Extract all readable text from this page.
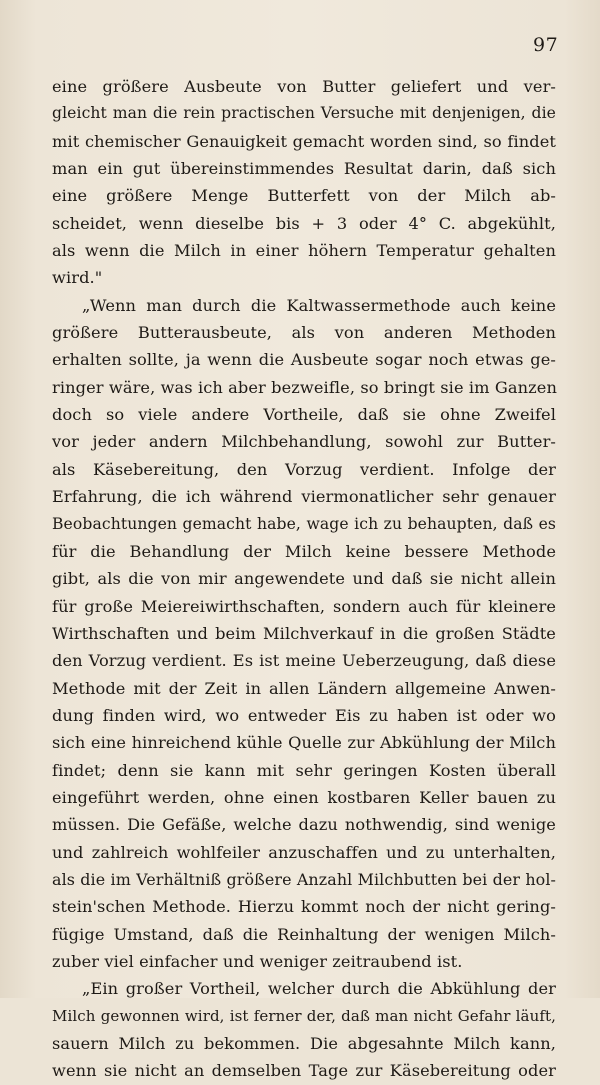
97
eine größere Ausbeute von Butter geliefert und ver-
gleicht man die rein practischen Versuche mit denjenigen, die
mit chemischer Genauigkeit gemacht worden sind, so findet
man ein gut übereinstimmendes Resultat darin, daß sich
eine größere Menge Butterfett von der Milch ab-
scheidet, wenn dieselbe bis + 3 oder 4° C. abgekühlt,
als wenn die Milch in einer höhern Temperatur gehalten
wird."
„Wenn man durch die Kaltwassermethode auch keine
größere Butterausbeute, als von anderen Methoden
erhalten sollte, ja wenn die Ausbeute sogar noch etwas ge-
ringer wäre, was ich aber bezweifle, so bringt sie im Ganzen
doch so viele andere Vortheile, daß sie ohne Zweifel
vor jeder andern Milchbehandlung, sowohl zur Butter-
als Käsebereitung, den Vorzug verdient. Infolge der
Erfahrung, die ich während viermonatlicher sehr genauer
Beobachtungen gemacht habe, wage ich zu behaupten, daß es
für die Behandlung der Milch keine bessere Methode
gibt, als die von mir angewendete und daß sie nicht allein
für große Meiereiwirthschaften, sondern auch für kleinere
Wirthschaften und beim Milchverkauf in die großen Städte
den Vorzug verdient. Es ist meine Ueberzeugung, daß diese
Methode mit der Zeit in allen Ländern allgemeine Anwen-
dung finden wird, wo entweder Eis zu haben ist oder wo
sich eine hinreichend kühle Quelle zur Abkühlung der Milch
findet; denn sie kann mit sehr geringen Kosten überall
eingeführt werden, ohne einen kostbaren Keller bauen zu
müssen. Die Gefäße, welche dazu nothwendig, sind wenige
und zahlreich wohlfeiler anzuschaffen und zu unterhalten,
als die im Verhältniß größere Anzahl Milchbutten bei der hol-
stein'schen Methode. Hierzu kommt noch der nicht gering-
fügige Umstand, daß die Reinhaltung der wenigen Milch-
zuber viel einfacher und weniger zeitraubend ist.
„Ein großer Vortheil, welcher durch die Abkühlung der
Milch gewonnen wird, ist ferner der, daß man nicht Gefahr läuft,
sauern Milch zu bekommen. Die abgesahnte Milch kann,
wenn sie nicht an demselben Tage zur Käsebereitung oder
